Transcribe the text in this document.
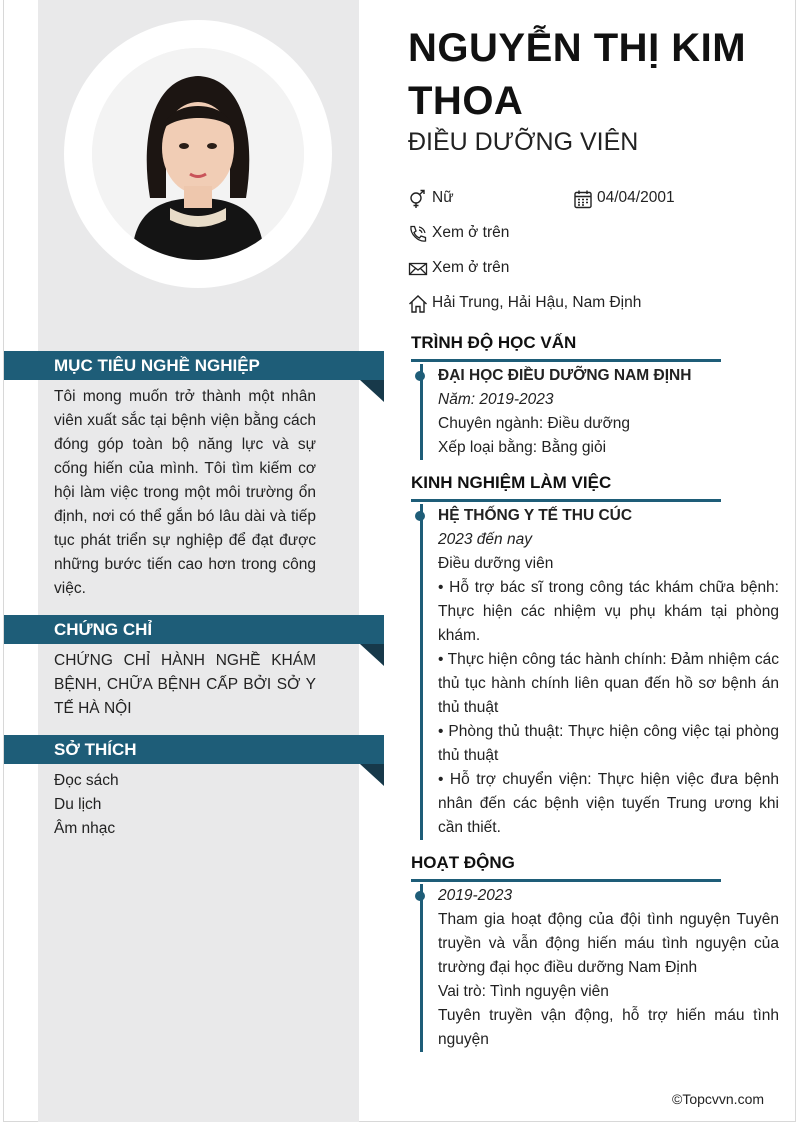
MỤC TIÊU NGHỀ NGHIỆP
Tôi mong muốn trở thành một nhân viên xuất sắc tại bệnh viện bằng cách đóng góp toàn bộ năng lực và sự cống hiến của mình. Tôi tìm kiếm cơ hội làm việc trong một môi trường ổn định, nơi có thể gắn bó lâu dài và tiếp tục phát triển sự nghiệp để đạt được những bước tiến cao hơn trong công việc.
CHỨNG CHỈ
CHỨNG CHỈ HÀNH NGHỀ KHÁM BỆNH, CHỮA BỆNH CẤP BỞI SỞ Y TẾ HÀ NỘI
SỞ THÍCH
Đọc sách
Du lịch
Âm nhạc
NGUYỄN THỊ KIM THOA
ĐIỀU DƯỠNG VIÊN
Nữ	04/04/2001
Xem ở trên
Xem ở trên
Hải Trung, Hải Hậu, Nam Định
TRÌNH ĐỘ HỌC VẤN
ĐẠI HỌC ĐIỀU DƯỠNG NAM ĐỊNH
Năm: 2019-2023
Chuyên ngành: Điều dưỡng
Xếp loại bằng: Bằng giỏi
KINH NGHIỆM LÀM VIỆC
HỆ THỐNG Y TẾ THU CÚC
2023 đến nay
Điều dưỡng viên
• Hỗ trợ bác sĩ trong công tác khám chữa bệnh: Thực hiện các nhiệm vụ phụ khám tại phòng khám.
• Thực hiện công tác hành chính: Đảm nhiệm các thủ tục hành chính liên quan đến hồ sơ bệnh án thủ thuật
• Phòng thủ thuật: Thực hiện công việc tại phòng thủ thuật
• Hỗ trợ chuyển viện: Thực hiện việc đưa bệnh nhân đến các bệnh viện tuyến Trung ương khi cần thiết.
HOẠT ĐỘNG
2019-2023
Tham gia hoạt động của đội tình nguyện Tuyên truyền và vẫn động hiến máu tình nguyện của trường đại học điều dưỡng Nam Định
Vai trò: Tình nguyện viên
Tuyên truyền vận động, hỗ trợ hiến máu tình nguyện
©Topcvvn.com
